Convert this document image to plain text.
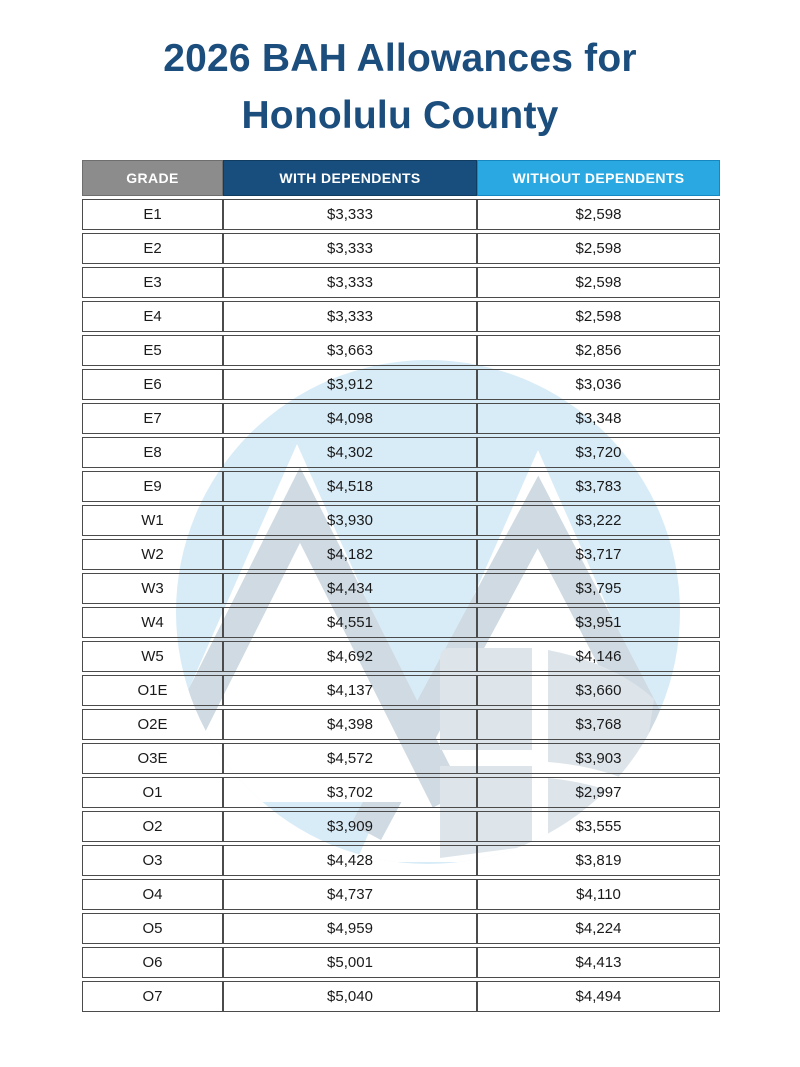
2026 BAH Allowances for
Honolulu County
GRADE	WITH DEPENDENTS	WITHOUT DEPENDENTS
E1	$3,333	$2,598
E2	$3,333	$2,598
E3	$3,333	$2,598
E4	$3,333	$2,598
E5	$3,663	$2,856
E6	$3,912	$3,036
E7	$4,098	$3,348
E8	$4,302	$3,720
E9	$4,518	$3,783
W1	$3,930	$3,222
W2	$4,182	$3,717
W3	$4,434	$3,795
W4	$4,551	$3,951
W5	$4,692	$4,146
O1E	$4,137	$3,660
O2E	$4,398	$3,768
O3E	$4,572	$3,903
O1	$3,702	$2,997
O2	$3,909	$3,555
O3	$4,428	$3,819
O4	$4,737	$4,110
O5	$4,959	$4,224
O6	$5,001	$4,413
O7	$5,040	$4,494
